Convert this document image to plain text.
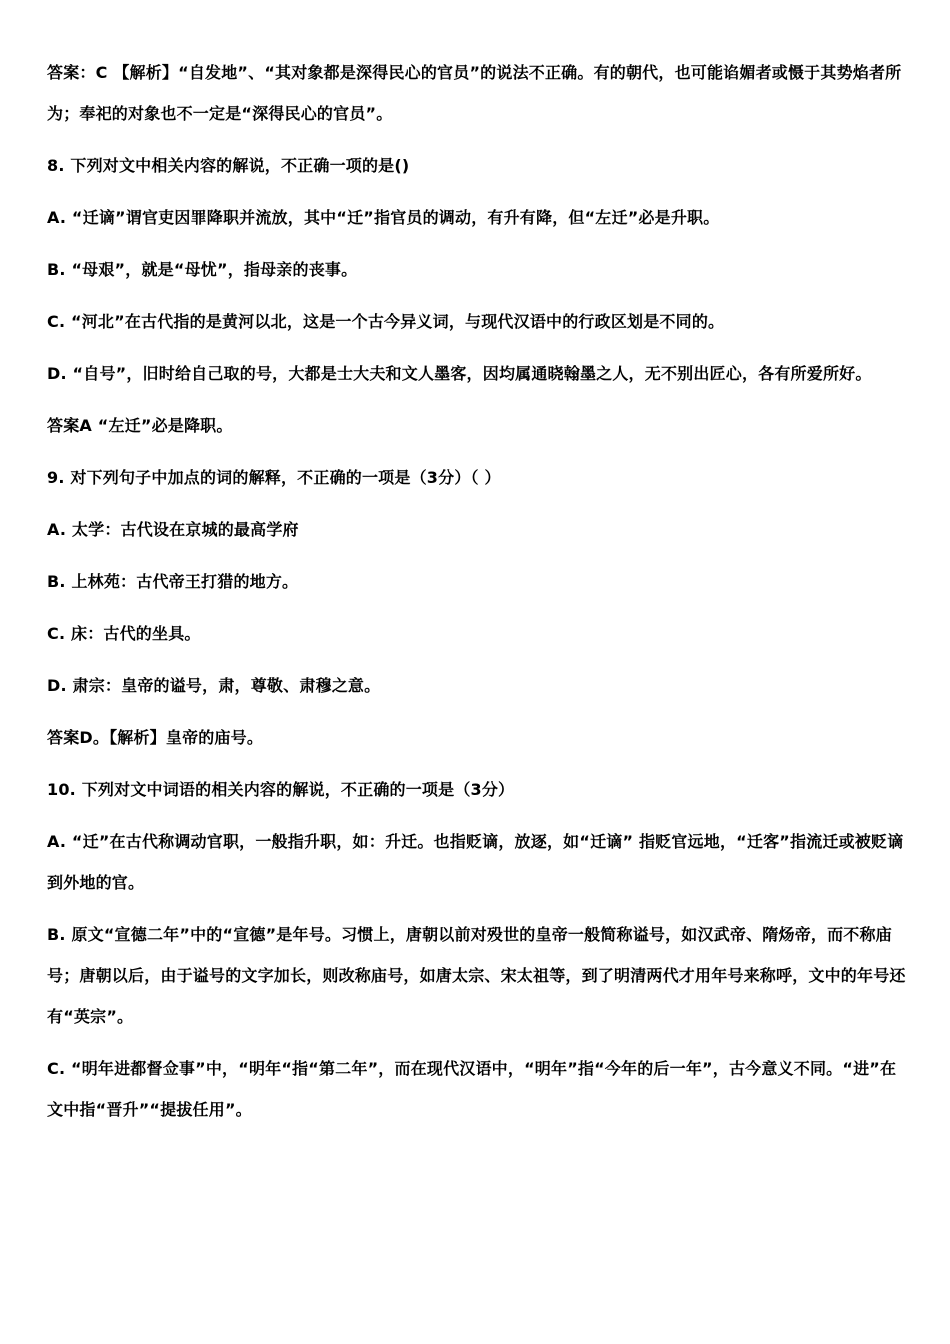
答案：C 【解析】“自发地”、“其对象都是深得民心的官员”的说法不正确。有的朝代，也可能谄媚者或慑于其势焰者所为；奉祀的对象也不一定是“深得民心的官员”。

8. 下列对文中相关内容的解说，不正确一项的是()

A. “迁谪”谓官吏因罪降职并流放，其中“迁”指官员的调动，有升有降，但“左迁”必是升职。

B. “母艰”，就是“母忧”，指母亲的丧事。

C. “河北”在古代指的是黄河以北，这是一个古今异义词，与现代汉语中的行政区划是不同的。

D. “自号”，旧时给自己取的号，大都是士大夫和文人墨客，因均属通晓翰墨之人，无不别出匠心，各有所爱所好。

答案A “左迁”必是降职。

9. 对下列句子中加点的词的解释，不正确的一项是（3分）（ ）

A. 太学：古代设在京城的最高学府

B. 上林苑：古代帝王打猎的地方。

C. 床：古代的坐具。

D. 肃宗：皇帝的谥号，肃，尊敬、肃穆之意。

答案D。【解析】皇帝的庙号。

10. 下列对文中词语的相关内容的解说，不正确的一项是（3分）

A. “迁”在古代称调动官职，一般指升职，如：升迁。也指贬谪，放逐，如“迁谪” 指贬官远地，“迁客”指流迁或被贬谪到外地的官。

B. 原文“宣德二年”中的“宣德”是年号。习惯上，唐朝以前对殁世的皇帝一般简称谥号，如汉武帝、隋炀帝，而不称庙号；唐朝以后，由于谥号的文字加长，则改称庙号，如唐太宗、宋太祖等，到了明清两代才用年号来称呼，文中的年号还有“英宗”。

C. “明年进都督佥事”中，“明年“指“第二年”，而在现代汉语中，“明年”指“今年的后一年”，古今意义不同。“进”在文中指“晋升”“提拔任用”。
